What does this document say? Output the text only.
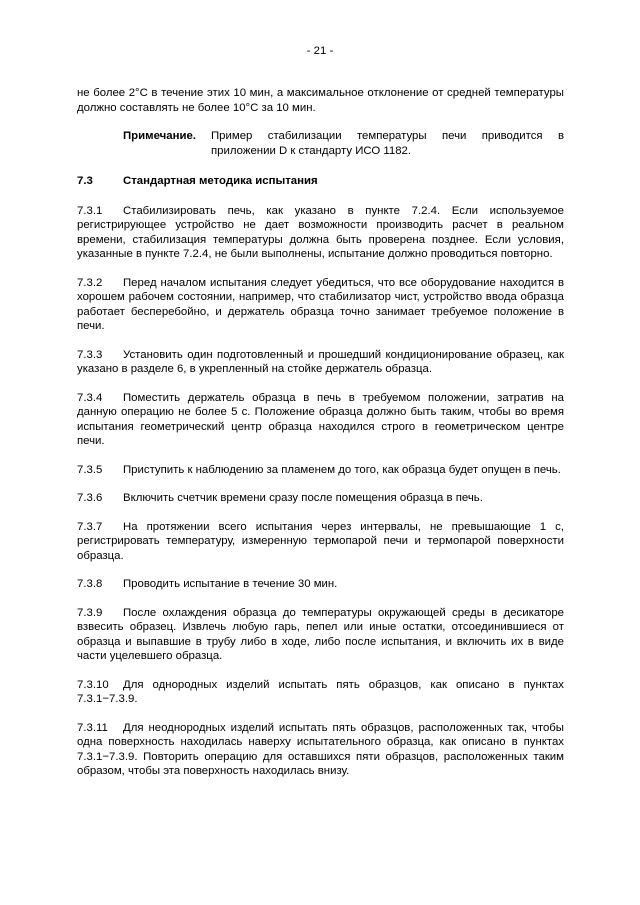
- 21 -

не более 2°С в течение этих 10 мин, а максимальное отклонение от средней температуры должно составлять не более 10°С за 10 мин.

Примечание.	Пример стабилизации температуры печи приводится в приложении D к стандарту ИСО 1182.
7.3	Стандартная методика испытания

7.3.1 Стабилизировать печь, как указано в пункте 7.2.4. Если используемое регистрирующее устройство не дает возможности производить расчет в реальном времени, стабилизация температуры должна быть проверена позднее. Если условия, указанные в пункте 7.2.4, не были выполнены, испытание должно проводиться повторно.

7.3.2 Перед началом испытания следует убедиться, что все оборудование находится в хорошем рабочем состоянии, например, что стабилизатор чист, устройство ввода образца работает бесперебойно, и держатель образца точно занимает требуемое положение в печи.

7.3.3 Установить один подготовленный и прошедший кондиционирование образец, как указано в разделе 6, в укрепленный на стойке держатель образца.

7.3.4 Поместить держатель образца в печь в требуемом положении, затратив на данную операцию не более 5 с. Положение образца должно быть таким, чтобы во время испытания геометрический центр образца находился строго в геометрическом центре печи.

7.3.5 Приступить к наблюдению за пламенем до того, как образца будет опущен в печь.

7.3.6 Включить счетчик времени сразу после помещения образца в печь.

7.3.7 На протяжении всего испытания через интервалы, не превышающие 1 с, регистрировать температуру, измеренную термопарой печи и термопарой поверхности образца.

7.3.8 Проводить испытание в течение 30 мин.

7.3.9 После охлаждения образца до температуры окружающей среды в десикаторе взвесить образец. Извлечь любую гарь, пепел или иные остатки, отсоединившиеся от образца и выпавшие в трубу либо в ходе, либо после испытания, и включить их в виде части уцелевшего образца.

7.3.10 Для однородных изделий испытать пять образцов, как описано в пунктах 7.3.1−7.3.9.

7.3.11 Для неоднородных изделий испытать пять образцов, расположенных так, чтобы одна поверхность находилась наверху испытательного образца, как описано в пунктах 7.3.1−7.3.9. Повторить операцию для оставшихся пяти образцов, расположенных таким образом, чтобы эта поверхность находилась внизу.
